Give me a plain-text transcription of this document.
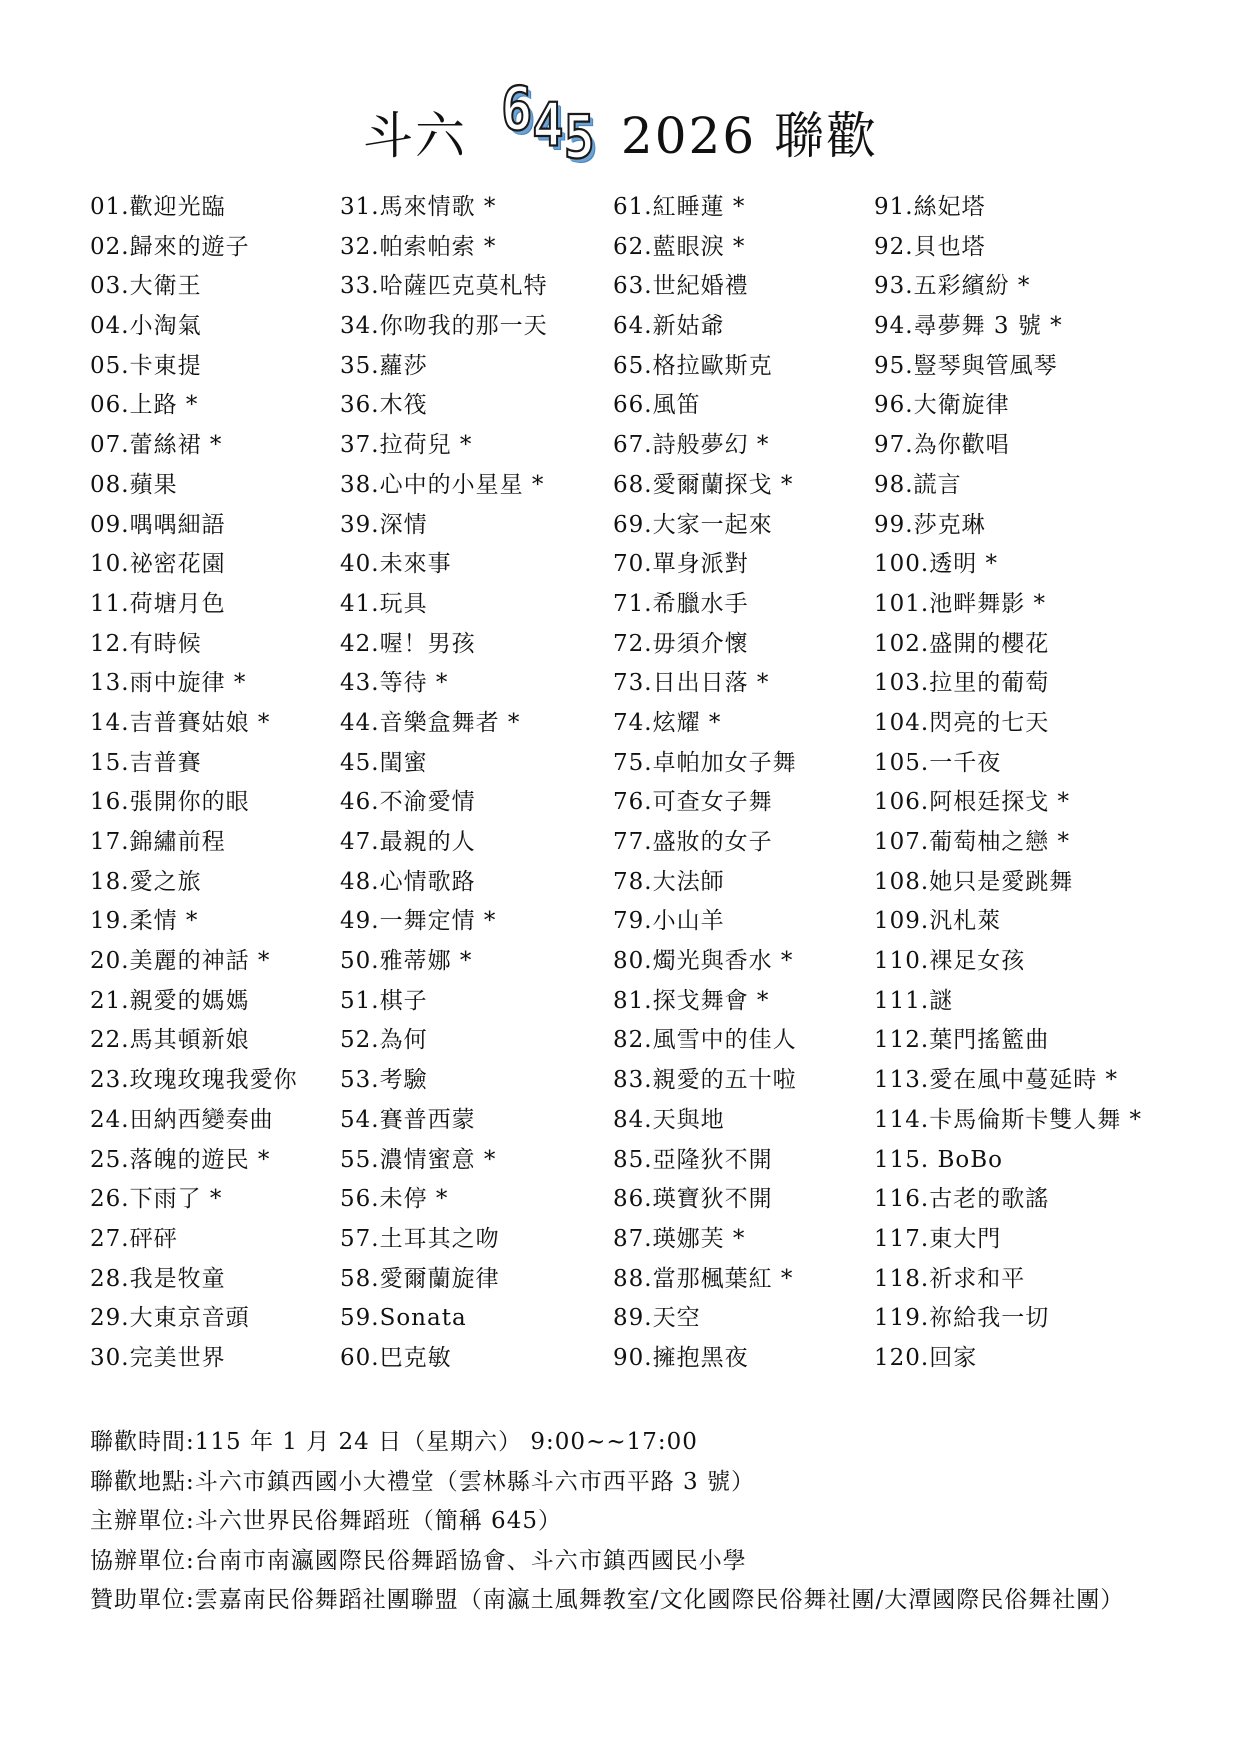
斗六 645 2026 聯歡
01.歡迎光臨
02.歸來的遊子
03.大衛王
04.小淘氣
05.卡東提
06.上路 *
07.蕾絲裙 *
08.蘋果
09.喁喁細語
10.祕密花園
11.荷塘月色
12.有時候
13.雨中旋律 *
14.吉普賽姑娘 *
15.吉普賽
16.張開你的眼
17.錦繡前程
18.愛之旅
19.柔情 *
20.美麗的神話 *
21.親愛的媽媽
22.馬其頓新娘
23.玫瑰玫瑰我愛你
24.田納西變奏曲
25.落魄的遊民 *
26.下雨了 *
27.砰砰
28.我是牧童
29.大東京音頭
30.完美世界
31.馬來情歌 *
32.帕索帕索 *
33.哈薩匹克莫札特
34.你吻我的那一天
35.蘿莎
36.木筏
37.拉荷兒 *
38.心中的小星星 *
39.深情
40.未來事
41.玩具
42.喔！男孩
43.等待 *
44.音樂盒舞者 *
45.閨蜜
46.不渝愛情
47.最親的人
48.心情歌路
49.一舞定情 *
50.雅蒂娜 *
51.棋子
52.為何
53.考驗
54.賽普西蒙
55.濃情蜜意 *
56.未停 *
57.土耳其之吻
58.愛爾蘭旋律
59.Sonata
60.巴克敏
61.紅睡蓮 *
62.藍眼淚 *
63.世紀婚禮
64.新姑爺
65.格拉歐斯克
66.風笛
67.詩般夢幻 *
68.愛爾蘭探戈 *
69.大家一起來
70.單身派對
71.希臘水手
72.毋須介懷
73.日出日落 *
74.炫耀 *
75.卓帕加女子舞
76.可查女子舞
77.盛妝的女子
78.大法師
79.小山羊
80.燭光與香水 *
81.探戈舞會 *
82.風雪中的佳人
83.親愛的五十啦
84.天與地
85.亞隆狄不開
86.瑛寶狄不開
87.瑛娜芙 *
88.當那楓葉紅 *
89.天空
90.擁抱黑夜
91.絲妃塔
92.貝也塔
93.五彩繽紛 *
94.尋夢舞 3 號 *
95.豎琴與管風琴
96.大衛旋律
97.為你歡唱
98.謊言
99.莎克琳
100.透明 *
101.池畔舞影 *
102.盛開的櫻花
103.拉里的葡萄
104.閃亮的七天
105.一千夜
106.阿根廷探戈 *
107.葡萄柚之戀 *
108.她只是愛跳舞
109.汎札萊
110.裸足女孩
111.謎
112.葉門搖籃曲
113.愛在風中蔓延時 *
114.卡馬倫斯卡雙人舞 *
115. BoBo
116.古老的歌謠
117.東大門
118.祈求和平
119.祢給我一切
120.回家
聯歡時間:115 年 1 月 24 日（星期六） 9:00~~17:00
聯歡地點:斗六市鎮西國小大禮堂（雲林縣斗六市西平路 3 號）
主辦單位:斗六世界民俗舞蹈班（簡稱 645）
協辦單位:台南市南瀛國際民俗舞蹈協會、斗六市鎮西國民小學
贊助單位:雲嘉南民俗舞蹈社團聯盟（南瀛土風舞教室/文化國際民俗舞社團/大潭國際民俗舞社團）
